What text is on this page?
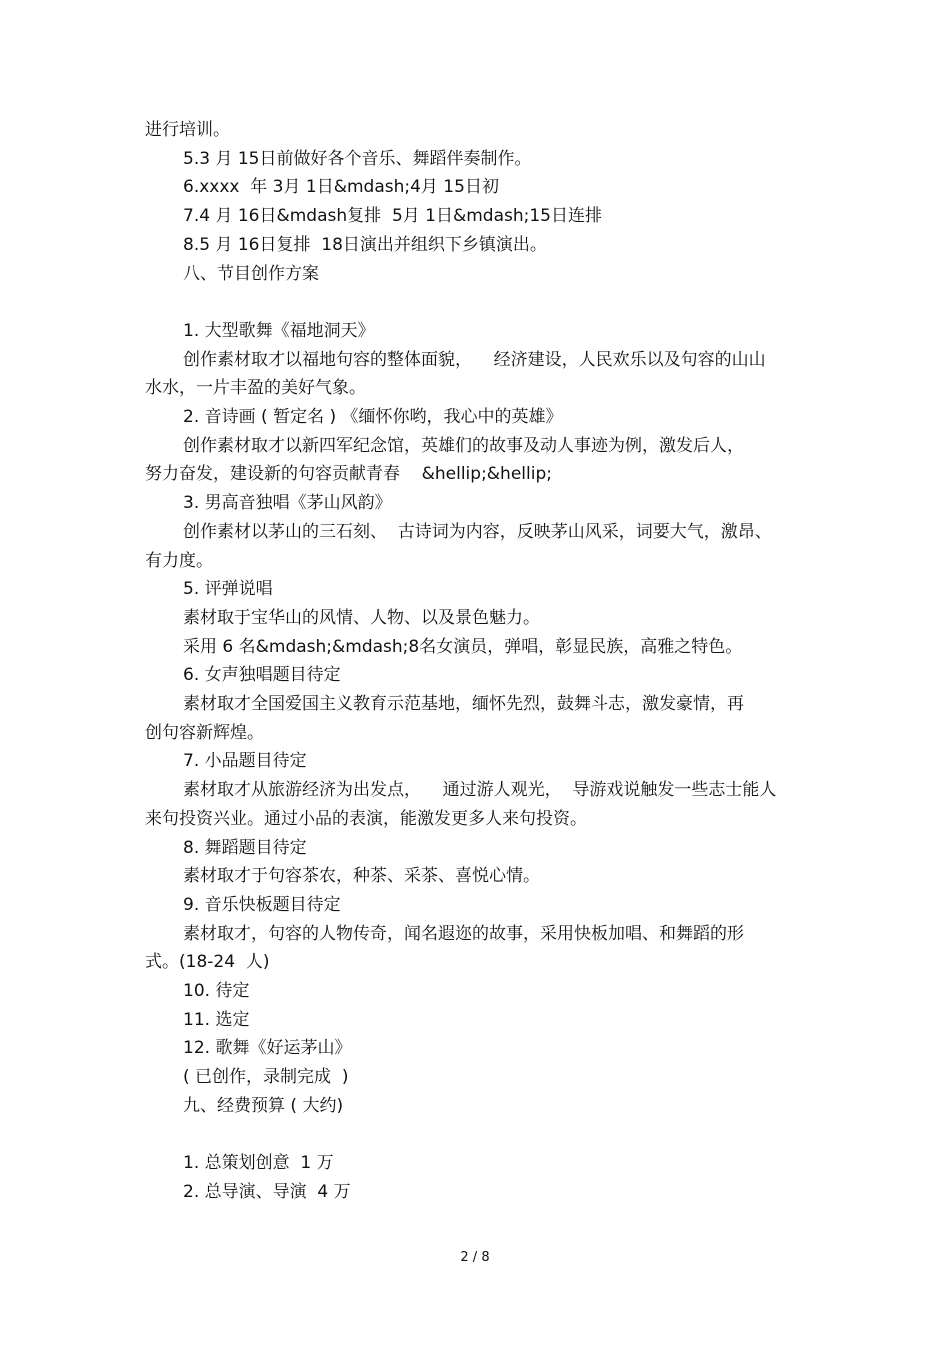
进行培训。
5.3 月 15日前做好各个音乐、舞蹈伴奏制作。
6.xxxx  年 3月 1日&mdash;4月 15日初
7.4 月 16日&mdash复排  5月 1日&mdash;15日连排
8.5 月 16日复排  18日演出并组织下乡镇演出。
八、节目创作方案
1. 大型歌舞《福地洞天》
创作素材取才以福地句容的整体面貌，    经济建设，人民欢乐以及句容的山山
水水，一片丰盈的美好气象。
2. 音诗画 ( 暂定名 ) 《缅怀你哟，我心中的英雄》
创作素材取才以新四军纪念馆，英雄们的故事及动人事迹为例，激发后人，
努力奋发，建设新的句容贡献青春    &hellip;&hellip;
3. 男高音独唱《茅山风韵》
创作素材以茅山的三石刻、  古诗词为内容，反映茅山风采，词要大气，激昂、
有力度。
5. 评弹说唱
素材取于宝华山的风情、人物、以及景色魅力。
采用 6 名&mdash;&mdash;8名女演员，弹唱，彰显民族，高雅之特色。
6. 女声独唱题目待定
素材取才全国爱国主义教育示范基地，缅怀先烈，鼓舞斗志，激发豪情，再
创句容新辉煌。
7. 小品题目待定
素材取才从旅游经济为出发点，    通过游人观光，  导游戏说触发一些志士能人
来句投资兴业。通过小品的表演，能激发更多人来句投资。
8. 舞蹈题目待定
素材取才于句容茶农，种茶、采茶、喜悦心情。
9. 音乐快板题目待定
素材取才，句容的人物传奇，闻名遐迩的故事，采用快板加唱、和舞蹈的形
式。(18-24  人)
10. 待定
11. 选定
12. 歌舞《好运茅山》
( 已创作，录制完成  )
九、经费预算 ( 大约)
1. 总策划创意  1 万
2. 总导演、导演  4 万
2 / 8
